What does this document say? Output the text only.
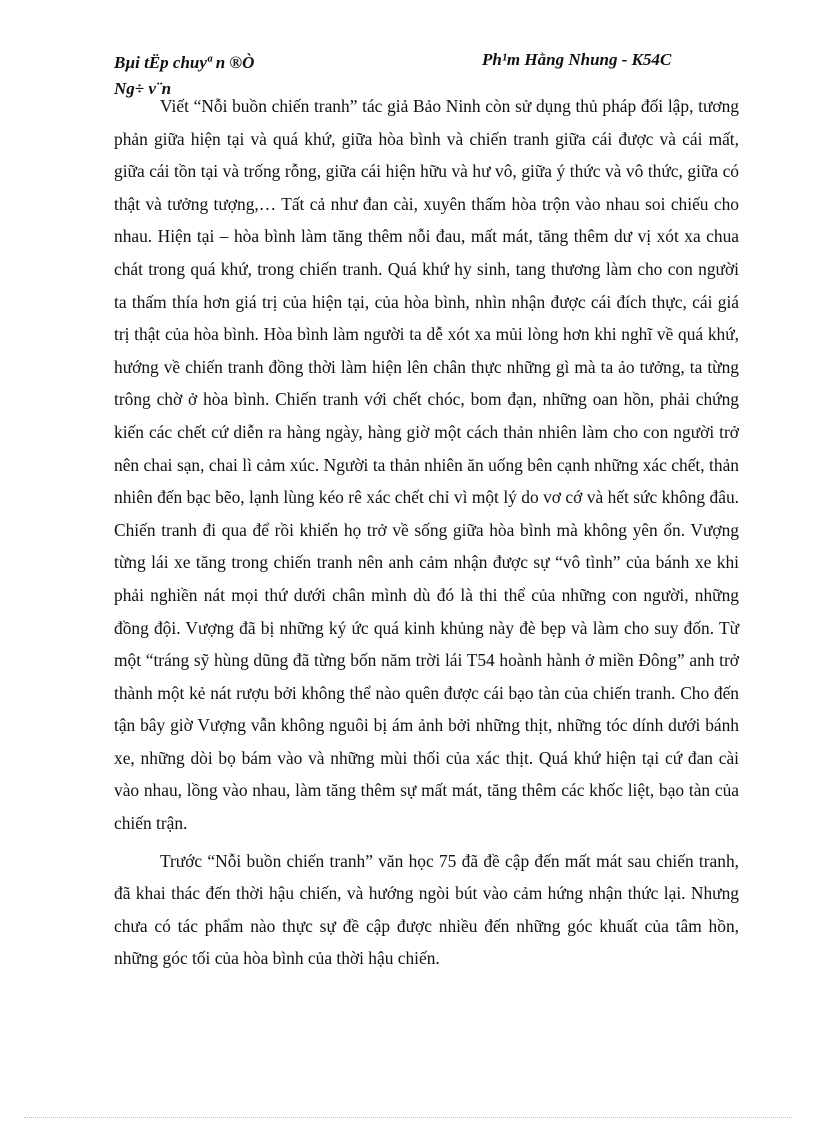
Bµi tËp chuyª n ®Ò
Ng÷ v¨n
Ph¹m Hằng Nhung - K54C

Viết “Nỗi buồn chiến tranh” tác giả Bảo Ninh còn sử dụng thủ pháp đối lập, tương phản giữa hiện tại và quá khứ, giữa hòa bình và chiến tranh giữa cái được và cái mất, giữa cái tồn tại và trống rỗng, giữa cái hiện hữu và hư vô, giữa ý thức và vô thức, giữa có thật và tưởng tượng,… Tất cả như đan cài, xuyên thấm hòa trộn vào nhau soi chiếu cho nhau. Hiện tại – hòa bình làm tăng thêm nỗi đau, mất mát, tăng thêm dư vị xót xa chua chát trong quá khứ, trong chiến tranh. Quá khứ hy sinh, tang thương làm cho con người ta thấm thía hơn giá trị của hiện tại, của hòa bình, nhìn nhận được cái đích thực, cái giá trị thật của hòa bình. Hòa bình làm người ta dễ xót xa mủi lòng hơn khi nghĩ về quá khứ, hướng về chiến tranh đồng thời làm hiện lên chân thực những gì mà ta ảo tưởng, ta từng trông chờ ở hòa bình. Chiến tranh với chết chóc, bom đạn, những oan hồn, phải chứng kiến các chết cứ diễn ra hàng ngày, hàng giờ một cách thản nhiên làm cho con người trở nên chai sạn, chai lì cảm xúc. Người ta thản nhiên ăn uống bên cạnh những xác chết, thản nhiên đến bạc bẽo, lạnh lùng kéo rê xác chết chỉ vì một lý do vơ cớ và hết sức không đâu. Chiến tranh đi qua để rồi khiến họ trở về sống giữa hòa bình mà không yên ổn. Vượng từng lái xe tăng trong chiến tranh nên anh cảm nhận được sự “vô tình” của bánh xe khi phải nghiền nát mọi thứ dưới chân mình dù đó là thi thể của những con người, những đồng đội. Vượng đã bị những ký ức quá kinh khủng này đè bẹp và làm cho suy đốn. Từ một “tráng sỹ hùng dũng đã từng bốn năm trời lái T54 hoành hành ở miền Đông” anh trở thành một kẻ nát rượu bởi không thể nào quên được cái bạo tàn của chiến tranh. Cho đến tận bây giờ Vượng vẫn không nguôi bị ám ảnh bởi những thịt, những tóc dính dưới bánh xe, những dòi bọ bám vào và những mùi thối của xác thịt. Quá khứ hiện tại cứ đan cài vào nhau, lồng vào nhau, làm tăng thêm sự mất mát, tăng thêm các khốc liệt, bạo tàn của chiến trận.

Trước “Nỗi buồn chiến tranh” văn học 75 đã đề cập đến mất mát sau chiến tranh, đã khai thác đến thời hậu chiến, và hướng ngòi bút vào cảm hứng nhận thức lại. Nhưng chưa có tác phẩm nào thực sự đề cập được nhiều đến những góc khuất của tâm hồn, những góc tối của hòa bình của thời hậu chiến.
